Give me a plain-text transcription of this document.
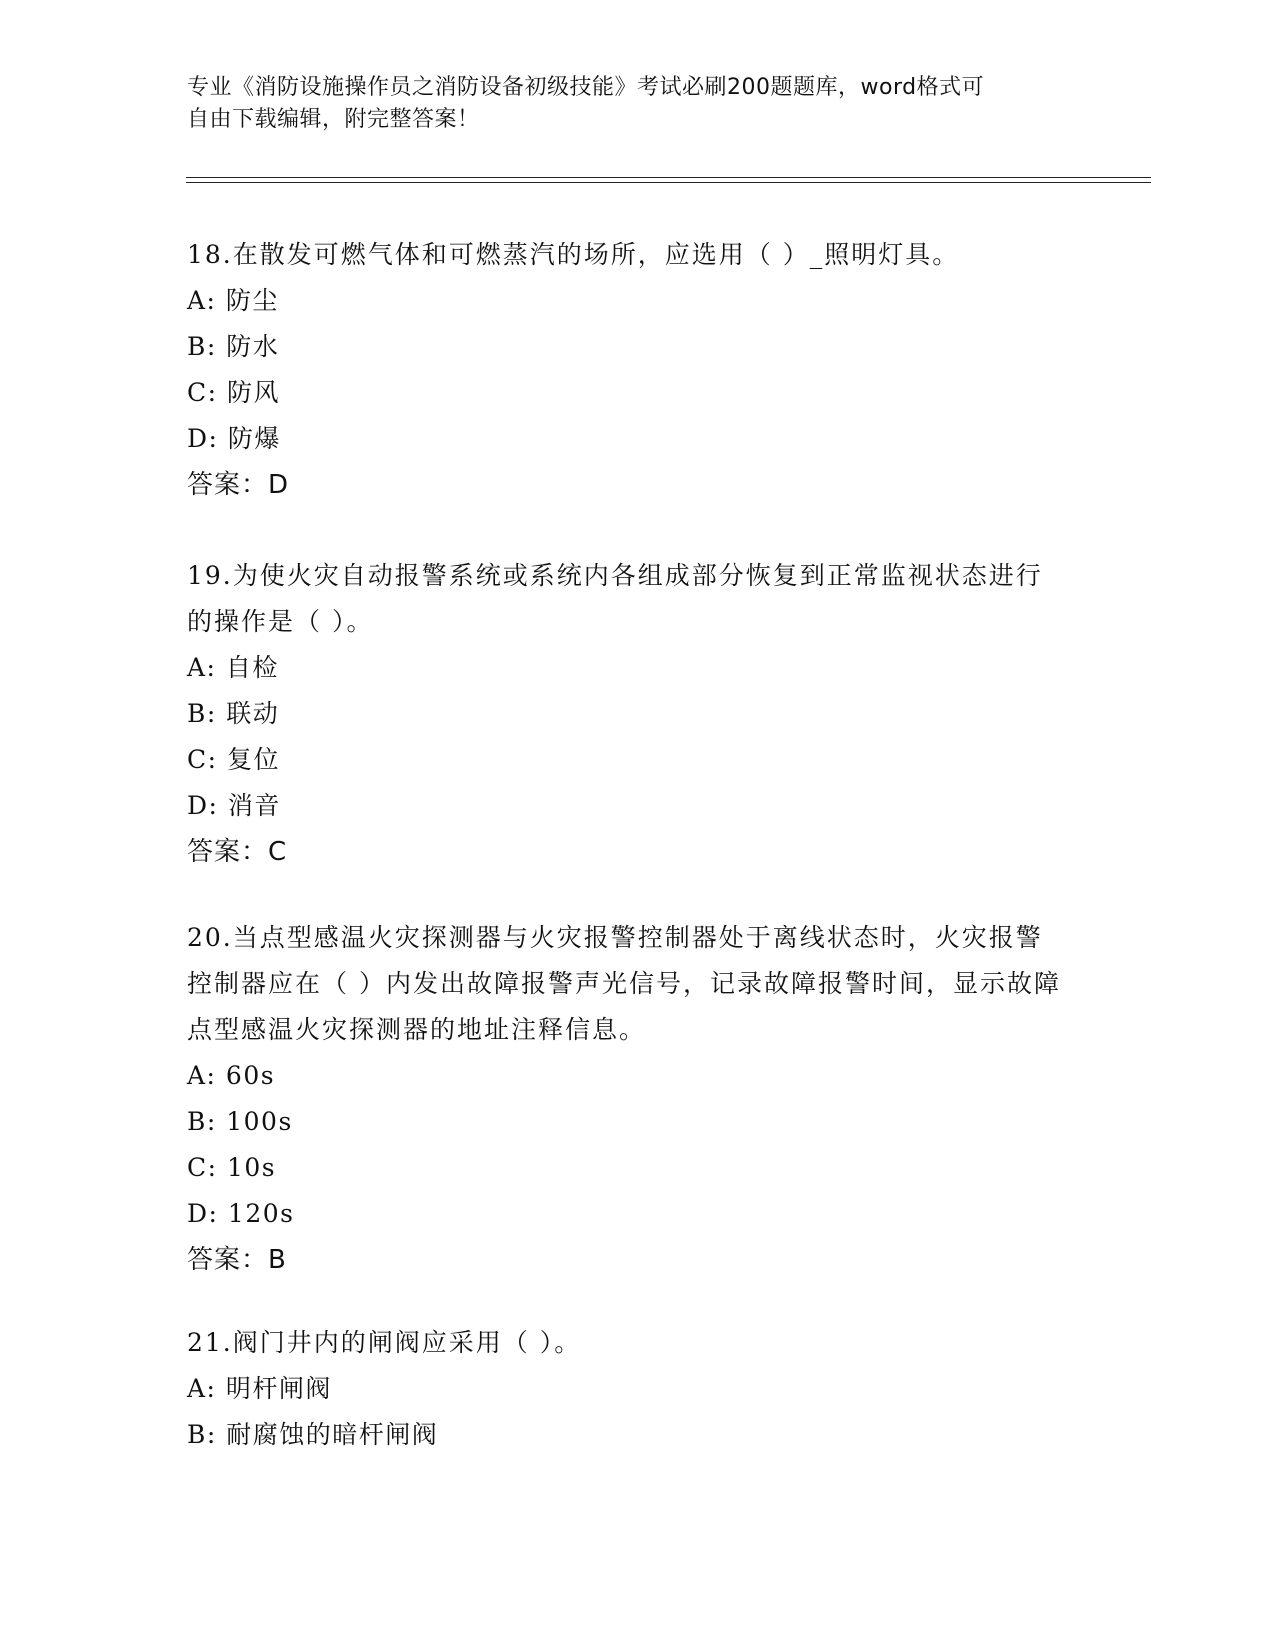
专业《消防设施操作员之消防设备初级技能》考试必刷200题题库，word格式可
自由下载编辑，附完整答案！

18.在散发可燃气体和可燃蒸汽的场所，应选用（ ）_照明灯具。

A: 防尘

B: 防水

C: 防风

D: 防爆

答案：D

19.为使火灾自动报警系统或系统内各组成部分恢复到正常监视状态进行的操作是（ ）。

A: 自检

B: 联动

C: 复位

D: 消音

答案：C

20.当点型感温火灾探测器与火灾报警控制器处于离线状态时，火灾报警控制器应在（ ）内发出故障报警声光信号，记录故障报警时间，显示故障点型感温火灾探测器的地址注释信息。

A: 60s

B: 100s

C: 10s

D: 120s

答案：B

21.阀门井内的闸阀应采用（ ）。

A: 明杆闸阀

B: 耐腐蚀的暗杆闸阀
